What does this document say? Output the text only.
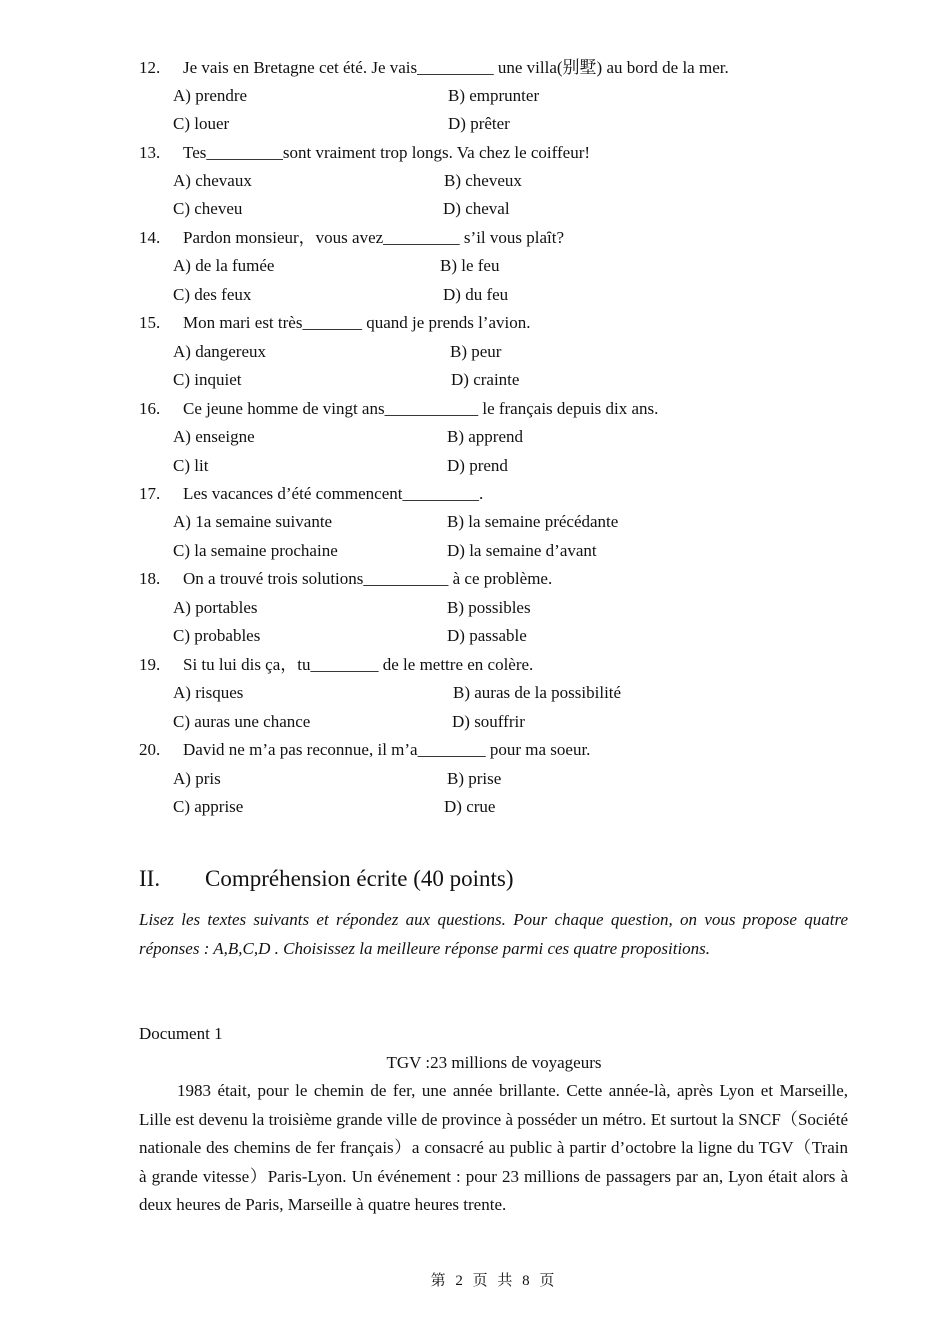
12. Je vais en Bretagne cet été. Je vais_________ une villa(别墅) au bord de la mer.
A) prendre	B) emprunter
C) louer	D) prêter
13. Tes_________sont vraiment trop longs. Va chez le coiffeur!
A) chevaux	B) cheveux
C) cheveu	D) cheval
14. Pardon monsieur，vous avez_________ s’il vous plaȋt?
A) de la fumée	B) le feu
C) des feux	D) du feu
15. Mon mari est très_______ quand je prends l’avion.
A) dangereux	B) peur
C) inquiet	D) crainte
16. Ce jeune homme de vingt ans___________ le français depuis dix ans.
A) enseigne	B) apprend
C) lit	D) prend
17. Les vacances d’été commencent_________.
A) 1a semaine suivante	B) la semaine précédante
C) la semaine prochaine	D) la semaine d’avant
18. On a trouvé trois solutions__________ à ce problème.
A) portables	B) possibles
C) probables	D) passable
19. Si tu lui dis ça，tu________ de le mettre en colère.
A) risques	B) auras de la possibilité
C) auras une chance	D) souffrir
20. David ne m’a pas reconnue, il m’a________ pour ma soeur.
A) pris	B) prise
C) apprise	D) crue
II. Compréhension écrite (40 points)
Lisez les textes suivants et répondez aux questions. Pour chaque question, on vous propose quatre réponses : A,B,C,D . Choisissez la meilleure réponse parmi ces quatre propositions.
Document 1
TGV :23 millions de voyageurs
1983 était, pour le chemin de fer, une année brillante. Cette année-là, après Lyon et Marseille, Lille est devenu la troisième grande ville de province à posséder un métro. Et surtout la SNCF（Société nationale des chemins de fer français）a consacré au public à partir d’octobre la ligne du TGV（Train à grande vitesse）Paris-Lyon. Un événement : pour 23 millions de passagers par an, Lyon était alors à deux heures de Paris, Marseille à quatre heures trente.
第 2 页 共 8 页
